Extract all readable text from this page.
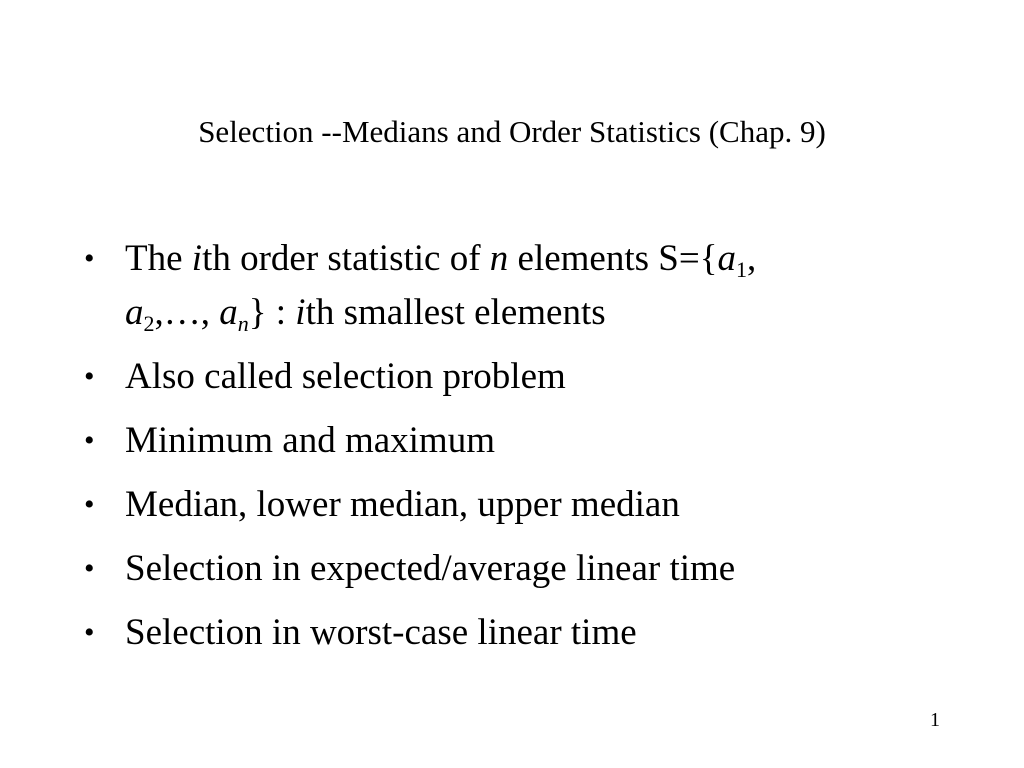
Selection --Medians and Order Statistics (Chap. 9)
• The ith order statistic of n elements $S=\{a_1$,
$a_2,\dots$, $a_n$} : ith smallest elements
• Also called selection problem
• Minimum and maximum
• Median, lower median, upper median
• Selection in expected/average linear time
• Selection in worst-case linear time
1
